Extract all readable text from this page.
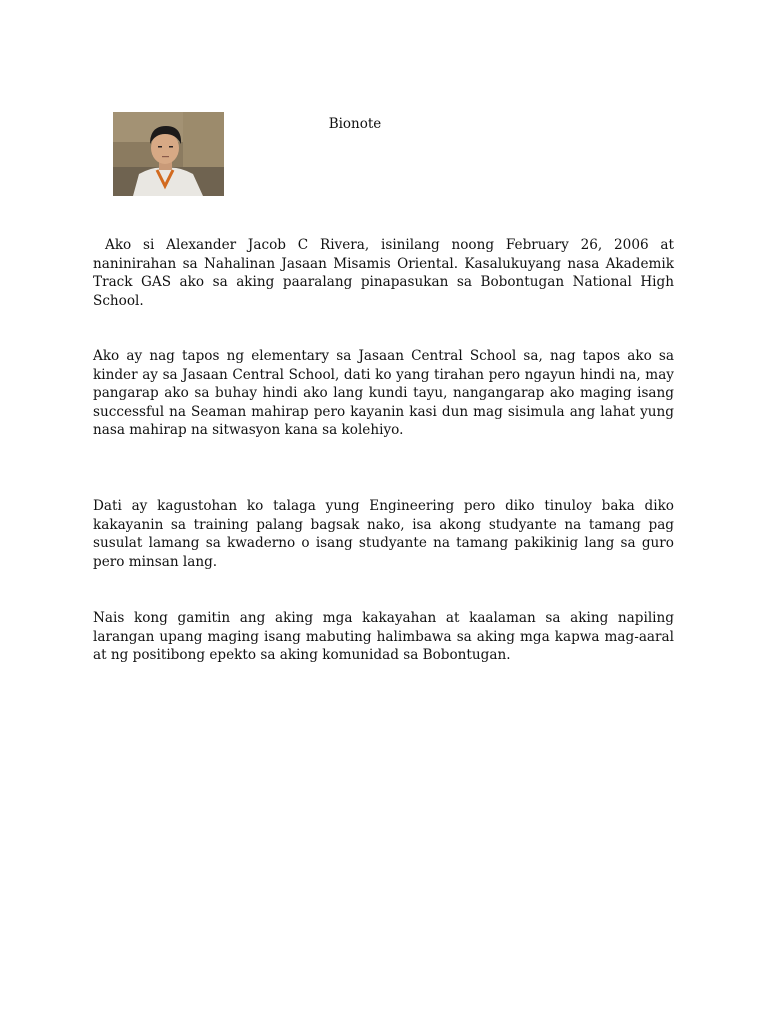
Bionote

Ako si Alexander Jacob C Rivera, isinilang noong February 26, 2006 at naninirahan sa Nahalinan Jasaan Misamis Oriental. Kasalukuyang nasa Akademik Track GAS ako sa aking paaralang pinapasukan sa Bobontugan National High School.

Ako ay nag tapos ng elementary sa Jasaan Central School sa, nag tapos ako sa kinder ay sa Jasaan Central School, dati ko yang tirahan pero ngayun hindi na, may pangarap ako sa buhay hindi ako lang kundi tayu, nangangarap ako maging isang successful na Seaman mahirap pero kayanin kasi dun mag sisimula ang lahat yung nasa mahirap na sitwasyon kana sa kolehiyo.

Dati ay kagustohan ko talaga yung Engineering pero diko tinuloy baka diko kakayanin sa training palang bagsak nako, isa akong studyante na tamang pag susulat lamang sa kwaderno o isang studyante na tamang pakikinig lang sa guro pero minsan lang.

Nais kong gamitin ang aking mga kakayahan at kaalaman sa aking napiling larangan upang maging isang mabuting halimbawa sa aking mga kapwa mag-aaral at ng positibong epekto sa aking komunidad sa Bobontugan.
